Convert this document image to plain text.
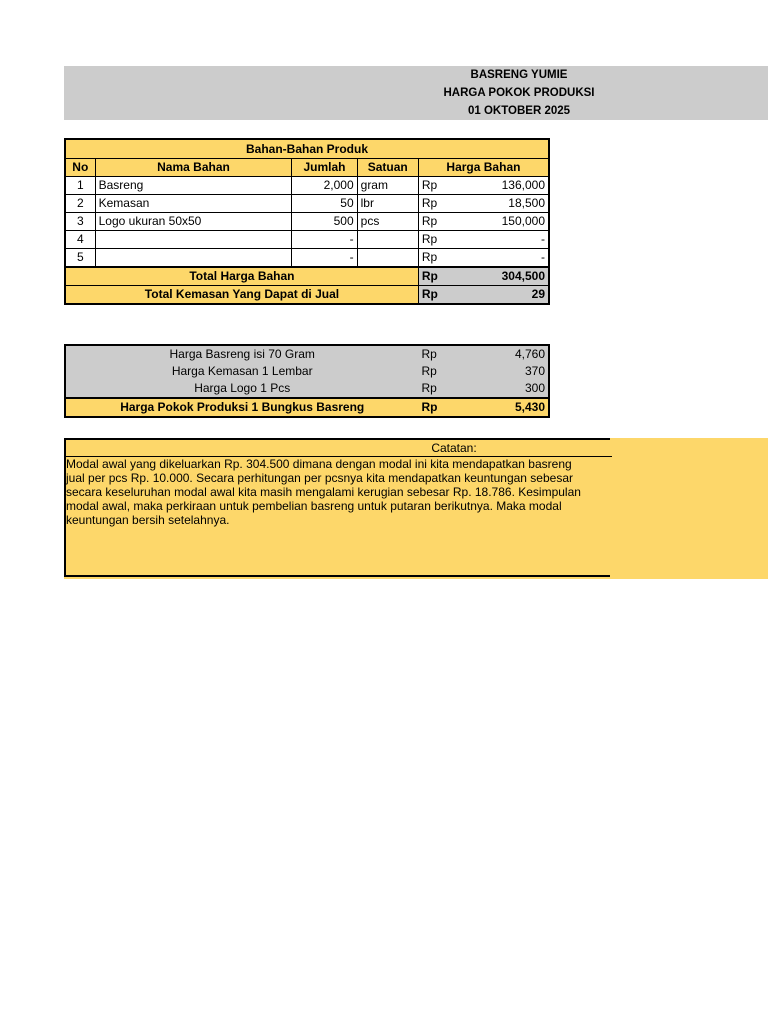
BASRENG YUMIE
HARGA POKOK PRODUKSI
01 OKTOBER 2025
Bahan-Bahan Produk					
No	Nama Bahan	Jumlah	Satuan	Harga Bahan	
1	Basreng	2,000	gram	Rp	136,000
2	Kemasan	50	lbr	Rp	18,500
3	Logo ukuran 50x50	500	pcs	Rp	150,000
4		-		Rp	-
5		-		Rp	-
Total Harga Bahan				Rp	304,500
Total Kemasan Yang Dapat di Jual				Rp	29
Harga Basreng isi 70 Gram	Rp	4,760
Harga Kemasan 1 Lembar	Rp	370
Harga Logo 1 Pcs	Rp	300
Harga Pokok Produksi 1 Bungkus Basreng	Rp	5,430
Catatan:
Modal awal yang dikeluarkan Rp. 304.500 dimana dengan modal ini kita mendapatkan basreng
jual per pcs Rp. 10.000. Secara perhitungan per pcsnya kita mendapatkan keuntungan sebesar
secara keseluruhan modal awal kita masih mengalami kerugian sebesar Rp. 18.786. Kesimpulan
modal awal, maka perkiraan untuk pembelian basreng untuk putaran berikutnya. Maka modal
keuntungan bersih setelahnya.
